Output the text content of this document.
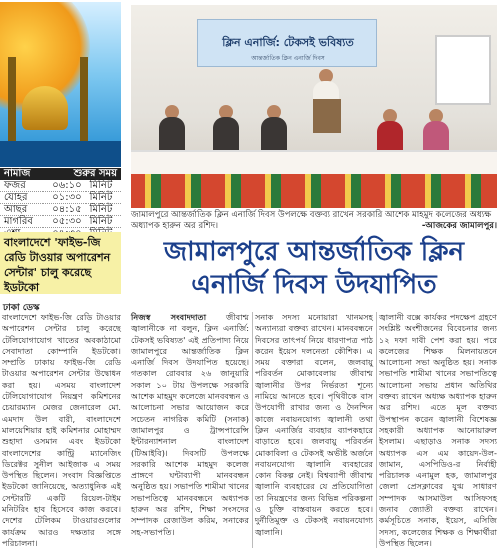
নামাজ	শুরুর সময়	
ফজর	০৬:১০	মিনিট
যোহর	০১:৩০	মিনিট
আছর	০৪:১৫	মিনিট
মাগরিব	০৫:৩০	মিনিট

বাংলাদেশে 'ফাইভ-জি রেডি টাওয়ার অপারেশন সেন্টার' চালু করেছে ইডটকো
ঢাকা ডেস্ক
বাংলাদেশে ফাইভ-জি রেডি টাওয়ার অপারেশন সেন্টার চালু করেছে টেলিযোগাযোগ খাতের অবকাঠামো সেবাদাতা কোম্পানি ইডটকো। সম্প্রতি ঢাকায় ফাইভ-জি রেডি টাওয়ার অপারেশন সেন্টার উদ্বোধন করা হয়। এসময় বাংলাদেশ টেলিযোগাযোগ নিয়ন্ত্রণ কমিশনের চেয়ারম্যান মেজর জেনারেল মো. এমদাদ উল বারী, বাংলাদেশে মালয়েশিয়ার হাই কমিশনার মোহাম্মদ শুহাদা ওসমান এবং ইডটকো বাংলাদেশের কান্ট্রি ম্যানেজিং ডিরেক্টর সুনীল আইজাক এ সময় উপস্থিত ছিলেন। সংবাদ বিজ্ঞপ্তিতে ইডটকো জানিয়েছে, অত্যাধুনিক এই সেন্টারটি একটি রিয়েল-টাইম মনিটরিং হাব হিসেবে কাজ করবে। দেশের টেলিকম টাওয়ারগুলোর কার্যক্রম আরও দক্ষতার সঙ্গে পরিচালনা।
ক্লিন এনার্জি: টেকসই ভবিষ্যত
আন্তর্জাতিক ক্লিন এনার্জি দিবস
জামালপুরে আন্তর্জাতিক ক্লিন এনার্জি দিবস উপলক্ষে বক্তব্য রাখেন সরকারি আশেক মাহমুদ কলেজের অধ্যক্ষ অধ্যাপক হারুন অর রশিদ।	-আজকের জামালপুর।
জামালপুরে আন্তর্জাতিক ক্লিন এনার্জি দিবস উদযাপিত
নিজস্ব সংবাদদাতা জীবাশ্ম জ্বালানীকে না বলুন, ক্লিন এনার্জি: টেকসই ভবিষ্যত' এই প্রতিপাদ্য নিয়ে জামালপুরে আন্তর্জাতিক ক্লিন এনার্জি দিবস উদযাপিত হয়েছে। গতকাল রোববার ২৬ জানুয়ারি সকাল ১০ টায় উপলক্ষে সরকারি আশেক মাহমুদ কলেজে মানববন্ধন ও আলোচনা সভার আয়োজন করে সচেতন নাগরিক কমিটি (সনাক) জামালপুর ও ট্রান্সপারেন্সি ইন্টারন্যাশনাল বাংলাদেশ (টিআইবি)। দিবসটি উপলক্ষে সরকারি আশেক মাহমুদ কলেজ প্রাঙ্গণে ঘন্টাব্যাপী মানববন্ধন অনুষ্ঠিত হয়। সভাপতি শামীমা খানের সভাপতিত্বে মানববন্ধনে অধ্যাপক হারুন অর রশিদ, শিক্ষা সংসদের সম্পাদক রেজাউল করিম, সনাকের সহ-সভাপতি।
সনাক সদস্য মনোয়ারা খানমসহ অন্যান্যরা বক্তব্য রাখেন। মানববন্ধনে দিবসের তাৎপর্য নিয়ে ধারণাপত্র পাঠ করেন ইয়েস দলনেতা কৌশিক। এ সময় বক্তারা বলেন, জলবায়ু পরিবর্তন মোকাবেলায় জীবাশ্ম জ্বালানীর উপর নির্ভরতা শূন্যে নামিয়ে আনতে হবে। পৃথিবীকে বাস উপযোগী রাখার জন্য ও দৈনন্দিন কাজে নবায়নযোগ্য জ্বালানী তথা ক্লিন এনার্জির ব্যবহার ব্যাপকহারে বাড়াতে হবে। জলবায়ু পরিবর্তন মোকাবিলা ও টেকসই অভীষ্ট অর্জনে নবায়নযোগ্য জ্বালানি ব্যবহারের কোন বিকল্প নেই। বিশ্বব্যাপী জীবাশ্ম জ্বালানি ব্যবহারের যে প্রতিযোগিতা তা নিয়ন্ত্রণের জন্য বিভিন্ন পরিকল্পনা ও চুক্তি বাস্তবায়ন করতে হবে। দুর্নীতিমুক্ত ও টেকসই নবায়নযোগ্য জ্বালানি।
জ্বালানী বক্সে কার্যকর পদক্ষেপ গ্রহণে সংশ্লিষ্ট অংশীজনের বিবেচনার জন্য ১২ দফা দাবী পেশ করা হয়। পরে কলেজের শিক্ষক মিলনায়তনে আলোচনা সভা অনুষ্ঠিত হয়। সনাক সভাপতি শামীমা খানের সভাপতিত্বে আলোচনা সভায় প্রধান অতিথির বক্তব্য রাখেন অধ্যক্ষ অধ্যাপক হারুন অর রশিদ। এতে মূল বক্তব্য উপস্থাপন করেন জ্বালানী বিশেষজ্ঞ সহকারী অধ্যাপক আনোয়ারুল ইসলাম। এছাড়াও সনাক সদস্য অধ্যাপক এস এম কায়েদ-উল-জামান, এসপিডিও-র নির্বাহী পরিচালক এনামুল হক, জামালপুর জেলা প্রেসক্লাবের যুগ্ম সাধারণ সম্পাদক আসমাউল আসিফসহ জনাব জ্যোতী বক্তব্য রাখেন। কর্মসূচিতে সনাক, ইয়েস, এসিজি সদস্য, কলেজের শিক্ষক ও শিক্ষার্থীরা উপস্থিত ছিলেন।
